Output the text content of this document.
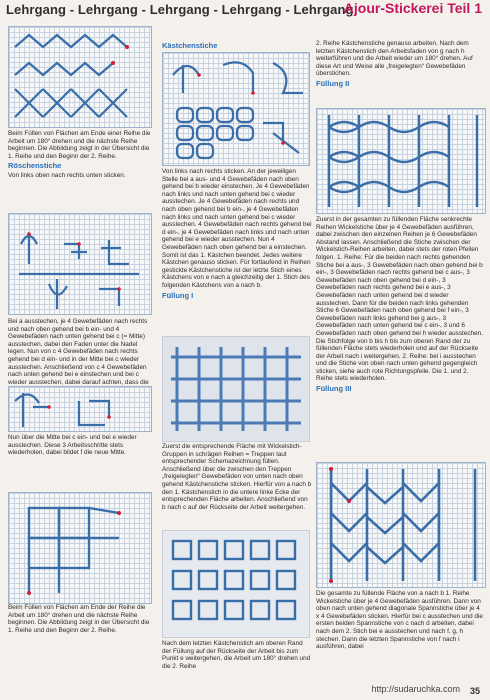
Lehrgang - Lehrgang - Lehrgang - Lehrgang - Lehrgang
Ajour-Stickerei Teil 1

Beim Füllen von Flächen am Ende einer Reihe die Arbeit um 180° drehen und die nächste Reihe beginnen. Die Abbildung zeigt in der Übersicht die 1. Reihe und den Beginn der 2. Reihe.

Röschenstiche

Von links oben nach rechts unten sticken.

Bei a ausstechen, je 4 Gewebefäden nach rechts und nach oben gehend bei b ein- und 4 Gewebefäden nach unten gehend bei c (= Mitte) ausstechen, dabei den Faden unter die Nadel legen. Nun von c 4 Gewebefäden nach rechts gehend bei d ein- und in der Mitte bei c wieder ausstechen. Anschließend von c 4 Gewebefäden nach unten gehend bei e einstechen und bei c wieder ausstechen, dabei darauf achten, dass die

Nun über die Mitte bei c ein- und bei e wieder ausstechen. Diese 3 Arbeitsschritte stets wiederholen, dabei bildet f die neue Mitte.

Beim Füllen von Flächen am Ende der Reihe die Arbeit um 180° drehen und die nächste Reihe beginnen. Die Abbildung zeigt in der Übersicht die 1. Reihe und den Beginn der 2. Reihe.

Kästchenstiche

Von links nach rechts sticken. An der jeweiligen Stelle bei a aus- und 4 Gewebefäden nach oben gehend bei b wieder einstechen. Je 4 Gewebefäden nach links und nach unten gehend bei c wieder ausstechen. Je 4 Gewebefäden nach rechts und nach oben gehend bei b ein-, je 4 Gewebefäden nach links und nach unten gehend bei c wieder ausstechen. 4 Gewebefäden nach rechts gehend bei d ein-, je 4 Gewebefäden nach links und nach unten gehend bei e wieder ausstechen. Nun 4 Gewebefäden nach oben gehend bei a einstechen. Somit ist das 1. Kästchen beendet. Jedes weitere Kästchen genauso sticken. Für fortlaufend in Reihen gestickte Kästchenstiche ist der letzte Stich eines Kästchens von e nach a gleichzeitig der 1. Stich des folgenden Kästchens von a nach b.

Füllung I

Zuerst die entsprechende Fläche mit Wickelstich-Gruppen in schrägen Reihen = Treppen laut entsprechender Schemazeichnung füllen. Anschließend über die zwischen den Treppen „freigelegten“ Gewebefäden von unten nach oben gehend Kästchenstiche sticken. Hierfür von a nach b den 1. Kästchenstich in die untere linke Ecke der entsprechenden Fläche arbeiten. Anschließend von b nach c auf der Rückseite der Arbeit weitergehen.

Nach dem letzten Kästchenstich am oberen Rand der Füllung auf der Rückseite der Arbeit bis zum Punkt e weitergehen, die Arbeit um 180° drehen und die 2. Reihe

2. Reihe Kästchenstiche genauso arbeiten. Nach dem letzten Kästchenstich den Arbeitsfaden von g nach h weiterführen und die Arbeit wieder um 180° drehen. Auf diese Art und Weise alle „freigelegten“ Gewebefäden überstichen.

Füllung II

Zuerst in der gesamten zu füllenden Fläche senkrechte Reihen Wickelstiche über je 4 Gewebefäden ausführen, dabei zwischen den einzelnen Reihen je 6 Gewebefäden Abstand lassen. Anschließend die Stiche zwischen der Wickelstich-Reihen arbeiten, dabei stets der roten Pfeilen folgen. 1. Reihe: Für die beiden nach rechts gehenden Stiche bei a aus-, 3 Gewebefäden nach oben gehend bei b ein-, 3 Gewebefäden nach rechts gehend bei c aus-, 3 Gewebefäden nach oben gehend bei d ein-, 3 Gewebefäden nach rechts gehend bei e aus-, 3 Gewebefäden nach unten gehend bei d wieder ausstechen. Dann für die beiden nach links gehenden Stiche 6 Gewebefäden nach oben gehend bei f ein-, 3 Gewebefäden nach links gehend bei g aus-, 3 Gewebefäden nach unten gehend bei c ein-, 3 und 6 Gewebefäden nach oben gehend bei h wieder ausstechen. Die Stichfolge von b bis h bis zum oberen Rand der zu füllenden Fläche stets wiederholen und auf der Rückseite der Arbeit nach i weitergehen. 2. Reihe: bei i ausstechen und die Stiche von oben nach unten gehend gegengleich sticken, siehe auch rote Richtungspfeile. Die 1. und 2. Reihe stets wiederholen.

Füllung III

Die gesamte zu füllende Fläche von a nach b 1. Reihe Wickelstiche über je 4 Gewebefäden ausführen. Dann von oben nach unten gehend diagonale Spannstiche über je 4 x 4 Gewebefäden sticken. Hierfür bei c ausstechen und die ersten beiden Spannstiche von c nach d arbeiten, dabei nach dem 2. Stich bei e ausstechen und nach f, g, h stechen. Dann die letzten Spannstiche von f nach i ausführen, dabei

http://sudaruchka.com 35
